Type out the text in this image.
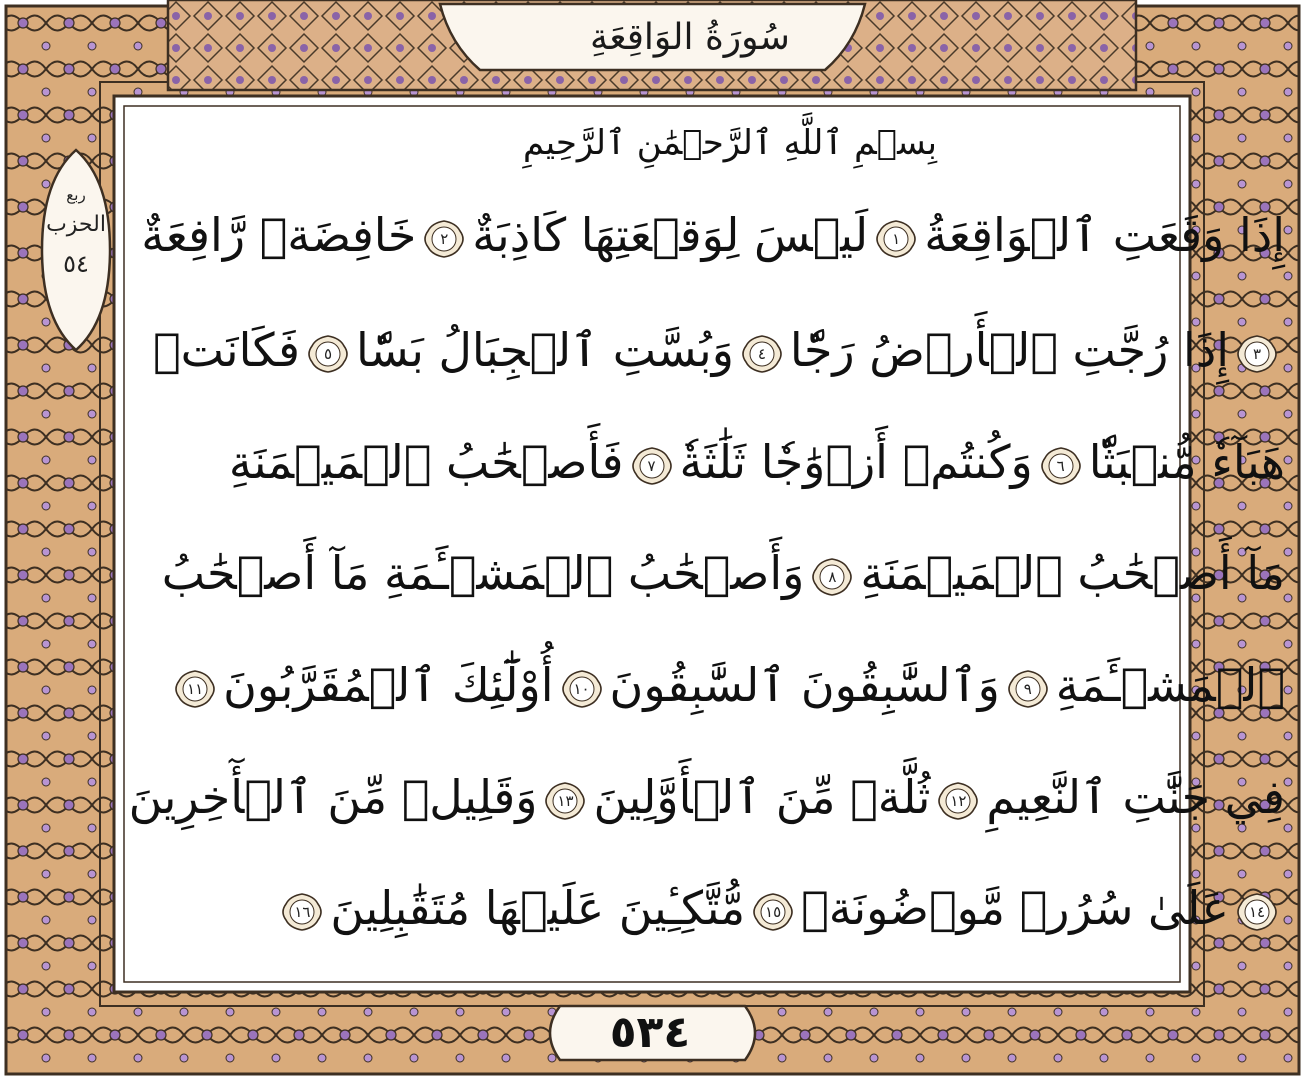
سُورَةُ الوَاقِعَةِ
ربع
الحزب
٥٤
بِسۡمِ ٱللَّهِ ٱلرَّحۡمَٰنِ ٱلرَّحِيمِ
إِذَا وَقَعَتِ ٱلۡوَاقِعَةُ
١
لَيۡسَ لِوَقۡعَتِهَا كَاذِبَةٌ
٢
خَافِضَةٞ رَّافِعَةٌ
٣
إِذَا رُجَّتِ ٱلۡأَرۡضُ رَجّٗا
٤
وَبُسَّتِ ٱلۡجِبَالُ بَسّٗا
٥
فَكَانَتۡ
هَبَآءٗ مُّنۢبَثّٗا
٦
وَكُنتُمۡ أَزۡوَٰجٗا ثَلَٰثَةٗ
٧
فَأَصۡحَٰبُ ٱلۡمَيۡمَنَةِ
مَآ أَصۡحَٰبُ ٱلۡمَيۡمَنَةِ
٨
وَأَصۡحَٰبُ ٱلۡمَشۡـَٔمَةِ مَآ أَصۡحَٰبُ
ٱلۡمَشۡـَٔمَةِ
٩
وَٱلسَّٰبِقُونَ ٱلسَّٰبِقُونَ
١٠
أُوْلَٰٓئِكَ ٱلۡمُقَرَّبُونَ
١١
فِي جَنَّٰتِ ٱلنَّعِيمِ
١٢
ثُلَّةٞ مِّنَ ٱلۡأَوَّلِينَ
١٣
وَقَلِيلٞ مِّنَ ٱلۡأٓخِرِينَ
١٤
عَلَىٰ سُرُرٖ مَّوۡضُونَةٖ
١٥
مُّتَّكِـِٔينَ عَلَيۡهَا مُتَقَٰبِلِينَ
١٦
٥٣٤
